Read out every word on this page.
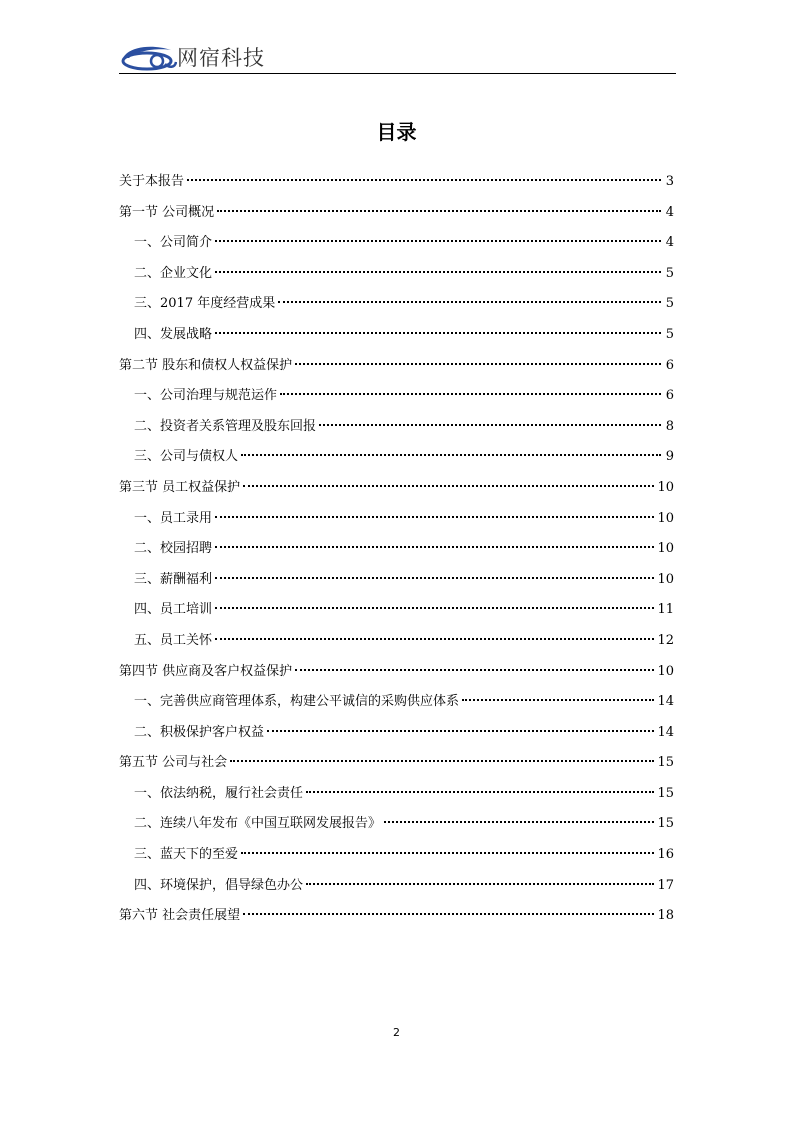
网宿科技
目录
关于本报告	3
第一节 公司概况	4
一、公司简介	4
二、企业文化	5
三、2017 年度经营成果	5
四、发展战略	5
第二节 股东和债权人权益保护	6
一、公司治理与规范运作	6
二、投资者关系管理及股东回报	8
三、公司与债权人	9
第三节 员工权益保护	10
一、员工录用	10
二、校园招聘	10
三、薪酬福利	10
四、员工培训	11
五、员工关怀	12
第四节 供应商及客户权益保护	10
一、完善供应商管理体系，构建公平诚信的采购供应体系	14
二、积极保护客户权益	14
第五节 公司与社会	15
一、依法纳税，履行社会责任	15
二、连续八年发布《中国互联网发展报告》	15
三、蓝天下的至爱	16
四、环境保护，倡导绿色办公	17
第六节 社会责任展望	18
2
